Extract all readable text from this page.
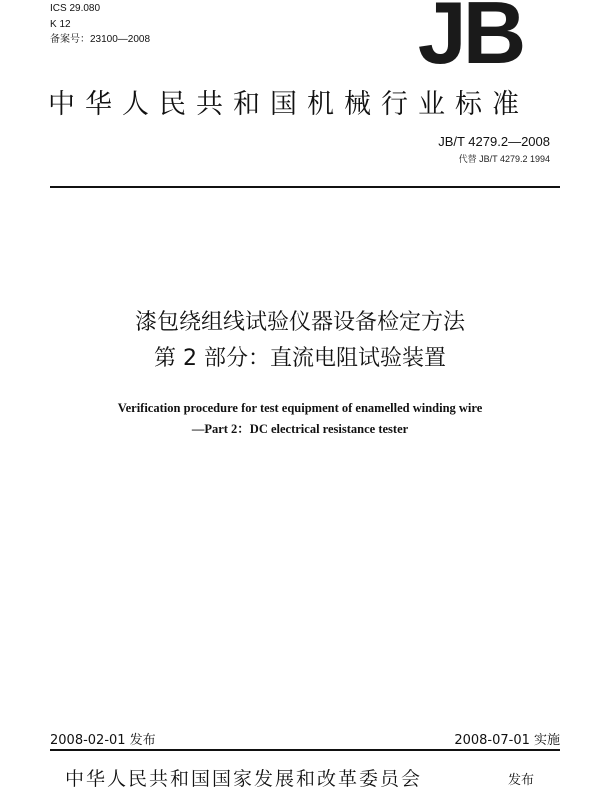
ICS 29.080
K 12
备案号：23100—2008	JB
中华人民共和国机械行业标准
JB/T 4279.2—2008
代替 JB/T 4279.2 1994
漆包绕组线试验仪器设备检定方法
第 2 部分：直流电阻试验装置
Verification procedure for test equipment of enamelled winding wire
—Part 2：DC electrical resistance tester
2008-02-01 发布	2008-07-01 实施
中华人民共和国国家发展和改革委员会	发布
